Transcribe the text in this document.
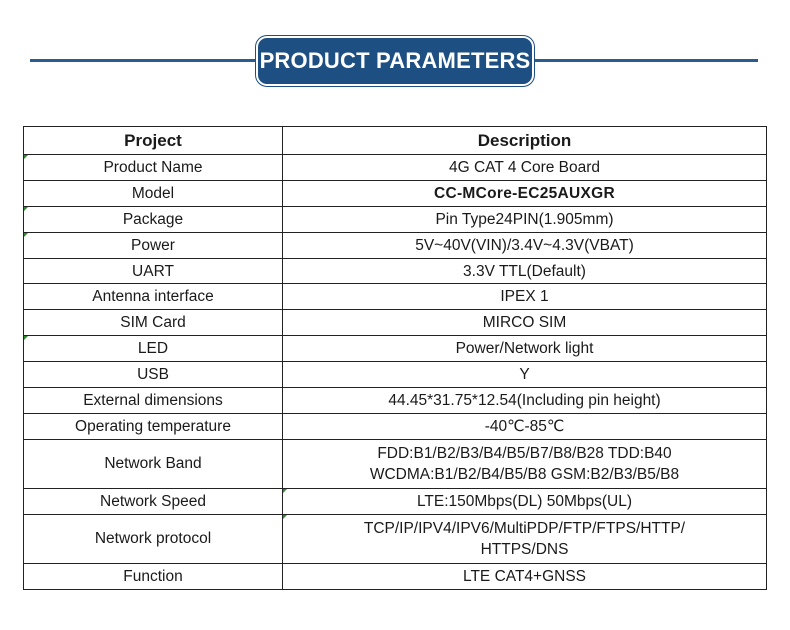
PRODUCT PARAMETERS
Project	Description
Product Name	4G CAT 4 Core Board
Model	CC-MCore-EC25AUXGR
Package	Pin Type24PIN(1.905mm)
Power	5V~40V(VIN)/3.4V~4.3V(VBAT)
UART	3.3V TTL(Default)
Antenna interface	IPEX 1
SIM Card	MIRCO SIM
LED	Power/Network light
USB	Y
External dimensions	44.45*31.75*12.54(Including pin height)
Operating temperature	-40℃-85℃
Network Band	FDD:B1/B2/B3/B4/B5/B7/B8/B28 TDD:B40
WCDMA:B1/B2/B4/B5/B8 GSM:B2/B3/B5/B8

Network Speed	LTE:150Mbps(DL) 50Mbps(UL)
Network protocol	TCP/IP/IPV4/IPV6/MultiPDP/FTP/FTPS/HTTP/
HTTPS/DNS

Function	LTE CAT4+GNSS
